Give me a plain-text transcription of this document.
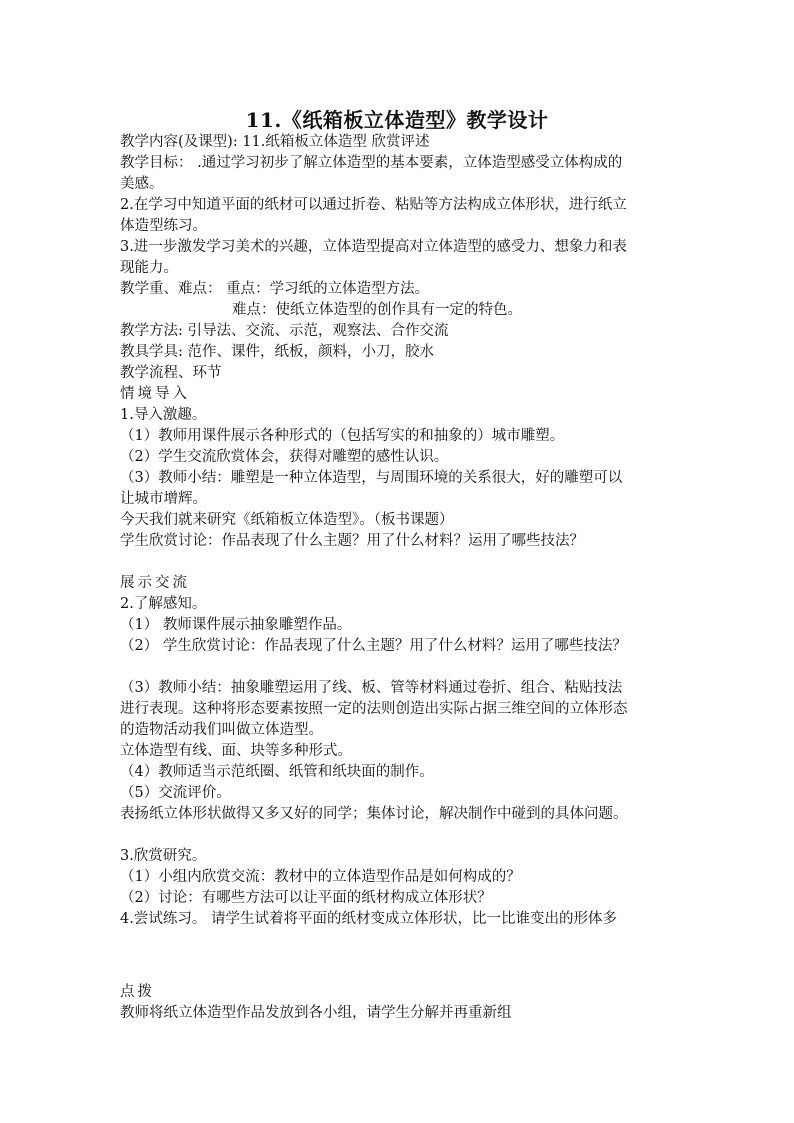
11.《纸箱板立体造型》教学设计
教学内容(及课型): 11.纸箱板立体造型 欣赏评述
教学目标： .通过学习初步了解立体造型的基本要素，立体造型感受立体构成的
美感。
2.在学习中知道平面的纸材可以通过折卷、粘贴等方法构成立体形状，进行纸立
体造型练习。
3.进一步激发学习美术的兴趣，立体造型提高对立体造型的感受力、想象力和表
现能力。
教学重、难点： 重点：学习纸的立体造型方法。
难点：使纸立体造型的创作具有一定的特色。
教学方法: 引导法、交流、示范，观察法、合作交流
教具学具: 范作、课件，纸板，颜料，小刀，胶水
教学流程、环节
情境导入
1.导入激趣。
（1）教师用课件展示各种形式的（包括写实的和抽象的）城市雕塑。
（2）学生交流欣赏体会，获得对雕塑的感性认识。
（3）教师小结：雕塑是一种立体造型，与周围环境的关系很大，好的雕塑可以
让城市增辉。
今天我们就来研究《纸箱板立体造型》。（板书课题）
学生欣赏讨论：作品表现了什么主题？用了什么材料？运用了哪些技法？
展示交流
2.了解感知。
（1） 教师课件展示抽象雕塑作品。
（2） 学生欣赏讨论：作品表现了什么主题？用了什么材料？运用了哪些技法？
（3）教师小结：抽象雕塑运用了线、板、管等材料通过卷折、组合、粘贴技法
进行表现。这种将形态要素按照一定的法则创造出实际占据三维空间的立体形态
的造物活动我们叫做立体造型。
立体造型有线、面、块等多种形式。
（4）教师适当示范纸圈、纸管和纸块面的制作。
（5）交流评价。
表扬纸立体形状做得又多又好的同学；集体讨论，解决制作中碰到的具体问题。
3.欣赏研究。
（1）小组内欣赏交流：教材中的立体造型作品是如何构成的？
（2）讨论：有哪些方法可以让平面的纸材构成立体形状？
4.尝试练习。 请学生试着将平面的纸材变成立体形状，比一比谁变出的形体多
点拨
教师将纸立体造型作品发放到各小组，请学生分解并再重新组
